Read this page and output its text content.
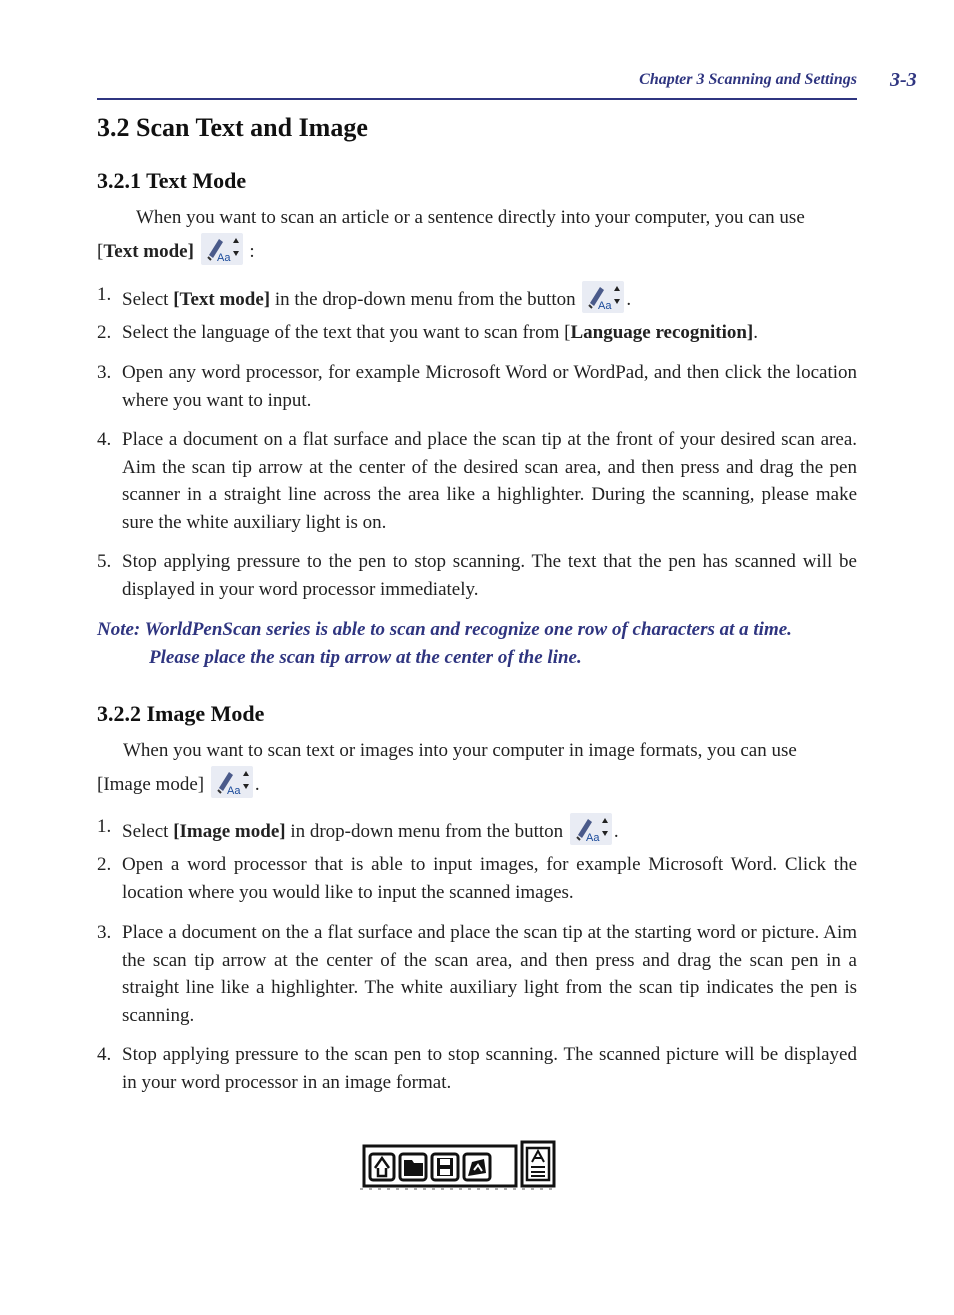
Chapter 3 Scanning and Settings 3-3
3.2 Scan Text and Image
3.2.1 Text Mode
When you want to scan an article or a sentence directly into your computer, you can use
[Text mode] Aa :
1. Select [Text mode] in the drop-down menu from the button Aa .
2. Select the language of the text that you want to scan from [Language recognition].
3. Open any word processor, for example Microsoft Word or WordPad, and then click the location where you want to input.
4. Place a document on a flat surface and place the scan tip at the front of your desired scan area. Aim the scan tip arrow at the center of the desired scan area, and then press and drag the pen scanner in a straight line across the area like a highlighter. During the scanning, please make sure the white auxiliary light is on.
5. Stop applying pressure to the pen to stop scanning. The text that the pen has scanned will be displayed in your word processor immediately.
Note: WorldPenScan series is able to scan and recognize one row of characters at a time.
Please place the scan tip arrow at the center of the line.
3.2.2 Image Mode
When you want to scan text or images into your computer in image formats, you can use
[Image mode] Aa .
1. Select [Image mode] in drop-down menu from the button Aa .
2. Open a word processor that is able to input images, for example Microsoft Word. Click the location where you would like to input the scanned images.
3. Place a document on the a flat surface and place the scan tip at the starting word or picture. Aim the scan tip arrow at the center of the scan area, and then press and drag the scan pen in a straight line like a highlighter. The white auxiliary light from the scan tip indicates the pen is scanning.
4. Stop applying pressure to the scan pen to stop scanning. The scanned picture will be displayed in your word processor in an image format.
